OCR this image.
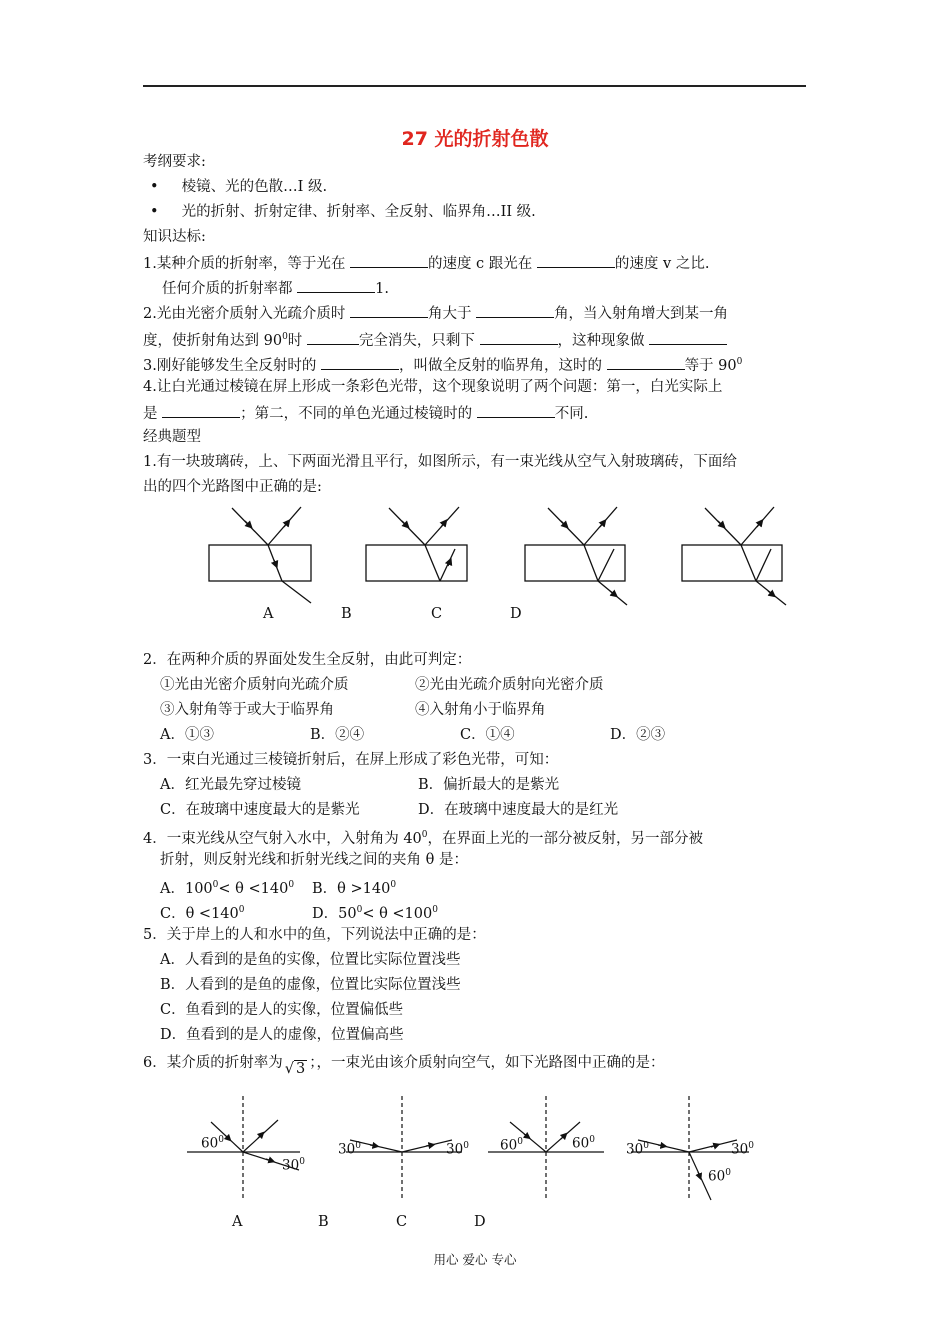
27 光的折射色散
考纲要求:
•     棱镜、光的色散…I 级.
•     光的折射、折射定律、折射率、全反射、临界角…II 级.
知识达标:
1.某种介质的折射率，等于光在	的速度 c 跟光在	的速度 v 之比.
任何介质的折射率都	1.
2.光由光密介质射入光疏介质时	角大于	角，当入射角增大到某一角
度，使折射角达到 $90^0$时	完全消失，只剩下	，这种现象做
3.刚好能够发生全反射时的	，叫做全反射的临界角，这时的	等于 $90^0$
4.让白光通过棱镜在屏上形成一条彩色光带，这个现象说明了两个问题：第一，白光实际上
是	；第二，不同的单色光通过棱镜时的	不同.
经典题型
1.有一块玻璃砖，上、下两面光滑且平行，如图所示，有一束光线从空气入射玻璃砖，下面给
出的四个光路图中正确的是:
A	B	C	D
2．在两种介质的界面处发生全反射，由此可判定：
①光由光密介质射向光疏介质	②光由光疏介质射向光密介质
③入射角等于或大于临界角	④入射角小于临界角
A．①③	B．②④	C．①④	D．②③
3．一束白光通过三棱镜折射后，在屏上形成了彩色光带，可知：
A．红光最先穿过棱镜	B．偏折最大的是紫光
C．在玻璃中速度最大的是紫光	D．在玻璃中速度最大的是红光
4．一束光线从空气射入水中，入射角为 $40^0$，在界面上光的一部分被反射，另一部分被
折射，则反射光线和折射光线之间的夹角 θ 是：
A．$100^0< \theta <140^0$ B．$\theta >140^0$
C．$\theta <140^0$	D．$50^0< \theta <100^0$
5．关于岸上的人和水中的鱼，下列说法中正确的是：
A．人看到的是鱼的实像，位置比实际位置浅些
B．人看到的是鱼的虚像，位置比实际位置浅些
C．鱼看到的是人的实像，位置偏低些
D．鱼看到的是人的虚像，位置偏高些
6．某介质的折射率为 √ 3 ；，一束光由该介质射向空气，如下光路图中正确的是：
$60^0$
$30^0$
$30^0$	$30^0$ $60^0$	$60^0$
$30^0$	$30^0$
$60^0$
A	B	C	D
用心 爱心 专心
